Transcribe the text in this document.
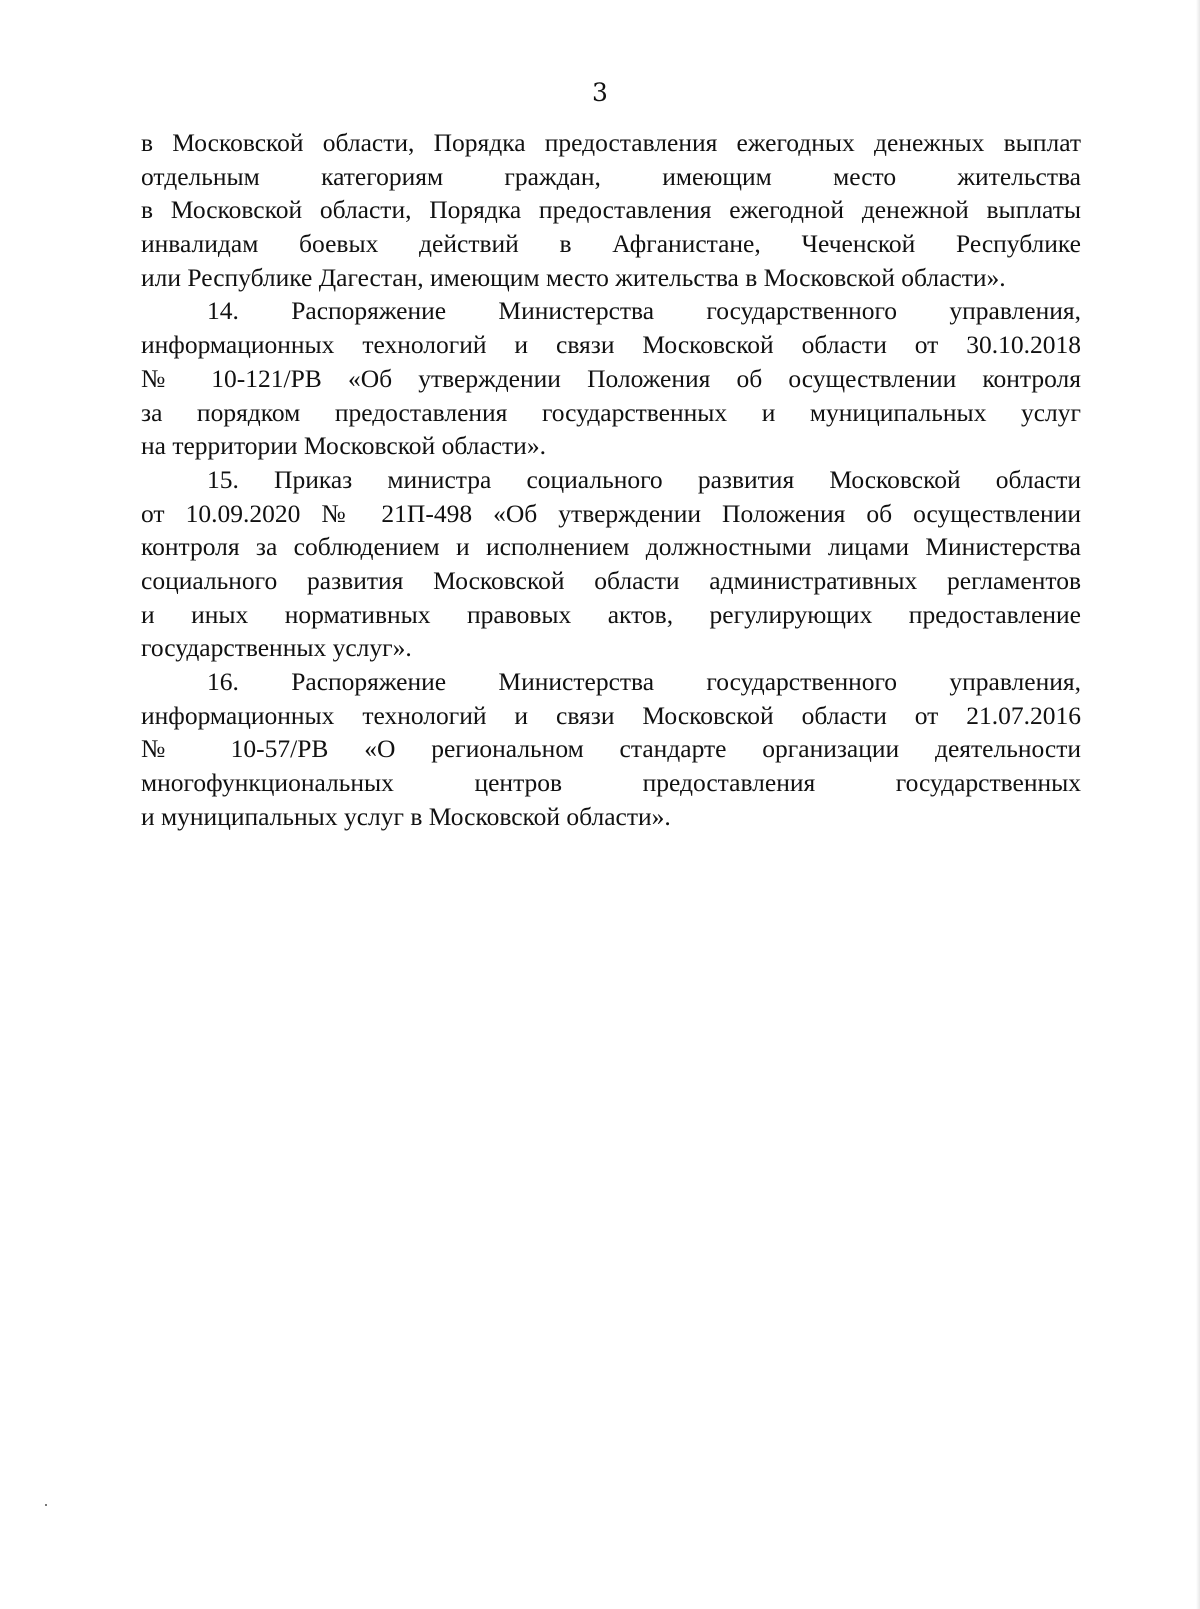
3
в Московской области, Порядка предоставления ежегодных денежных выплат
отдельным категориям граждан, имеющим место жительства
в Московской области, Порядка предоставления ежегодной денежной выплаты
инвалидам боевых действий в Афганистане, Чеченской Республике
или Республике Дагестан, имеющим место жительства в Московской области».
14. Распоряжение Министерства государственного управления,
информационных технологий и связи Московской области от 30.10.2018
№ 10-121/РВ «Об утверждении Положения об осуществлении контроля
за порядком предоставления государственных и муниципальных услуг
на территории Московской области».
15. Приказ министра социального развития Московской области
от 10.09.2020 № 21П-498 «Об утверждении Положения об осуществлении
контроля за соблюдением и исполнением должностными лицами Министерства
социального развития Московской области административных регламентов
и иных нормативных правовых актов, регулирующих предоставление
государственных услуг».
16. Распоряжение Министерства государственного управления,
информационных технологий и связи Московской области от 21.07.2016
№ 10-57/РВ «О региональном стандарте организации деятельности
многофункциональных центров предоставления государственных
и муниципальных услуг в Московской области».
